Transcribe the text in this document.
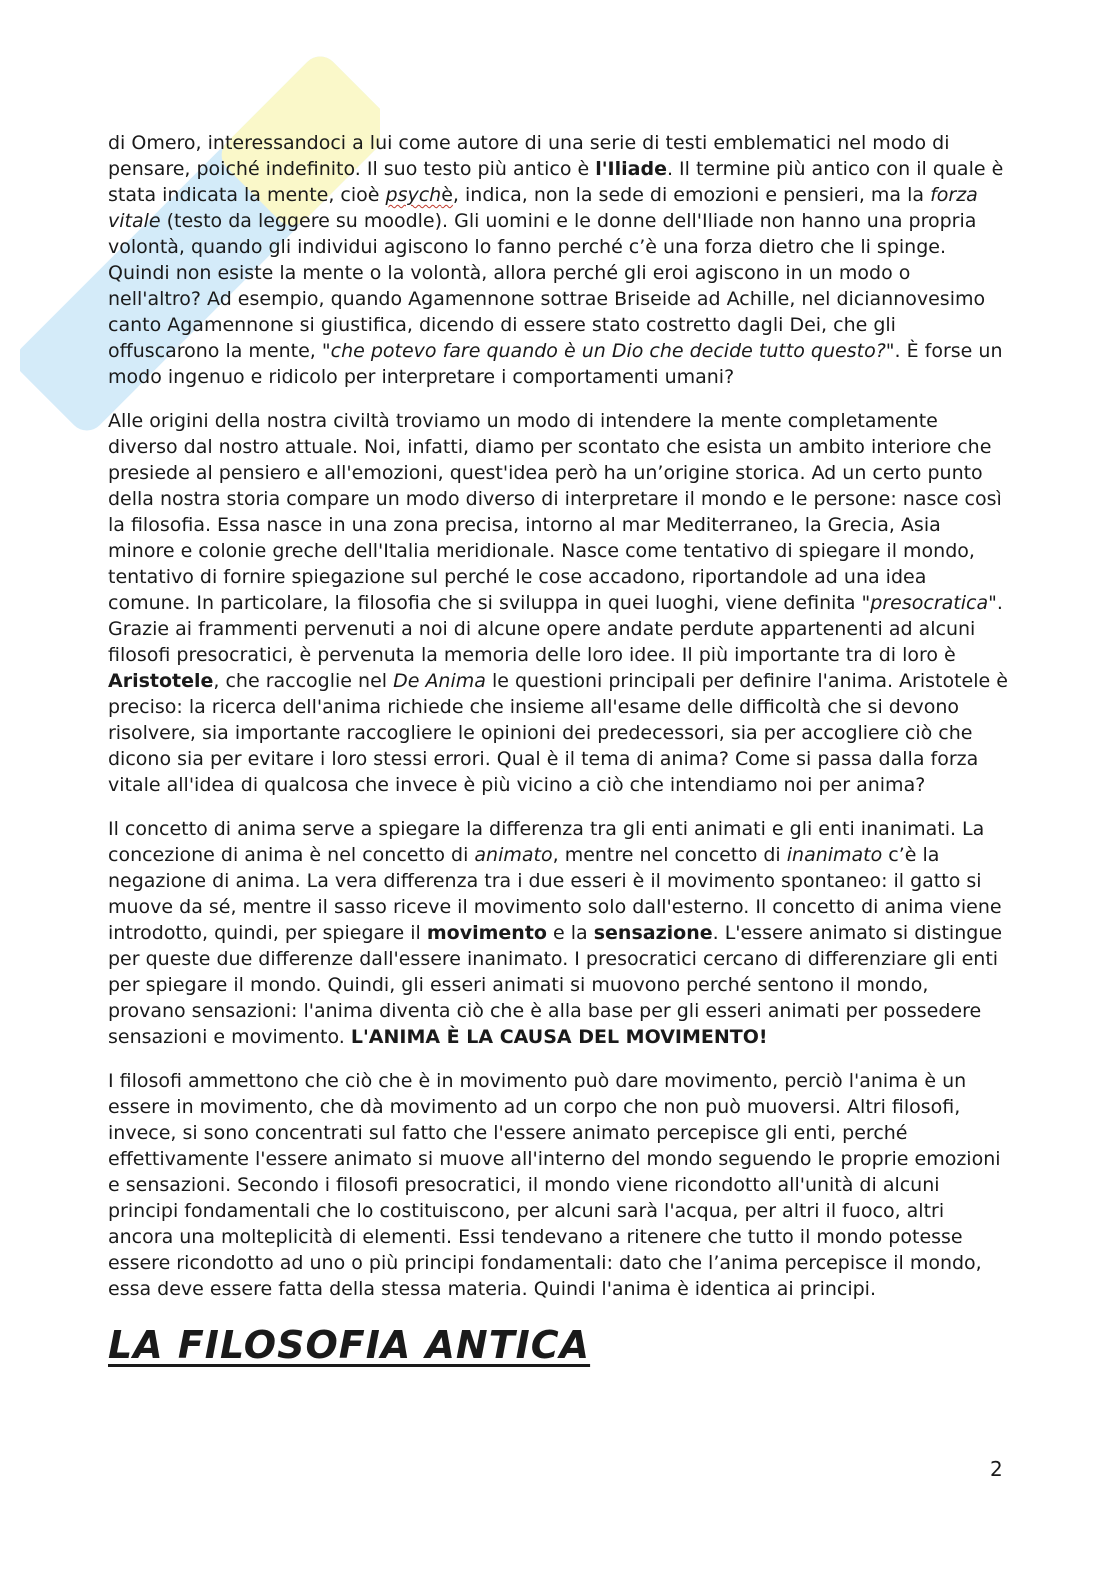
di Omero, interessandoci a lui come autore di una serie di testi emblematici nel modo di pensare, poiché indefinito. Il suo testo più antico è l'Iliade. Il termine più antico con il quale è stata indicata la mente, cioè psychè, indica, non la sede di emozioni e pensieri, ma la forza vitale (testo da leggere su moodle). Gli uomini e le donne dell'Iliade non hanno una propria volontà, quando gli individui agiscono lo fanno perché c’è una forza dietro che li spinge. Quindi non esiste la mente o la volontà, allora perché gli eroi agiscono in un modo o nell'altro? Ad esempio, quando Agamennone sottrae Briseide ad Achille, nel diciannovesimo canto Agamennone si giustifica, dicendo di essere stato costretto dagli Dei, che gli offuscarono la mente, "che potevo fare quando è un Dio che decide tutto questo?". È forse un modo ingenuo e ridicolo per interpretare i comportamenti umani?

Alle origini della nostra civiltà troviamo un modo di intendere la mente completamente diverso dal nostro attuale. Noi, infatti, diamo per scontato che esista un ambito interiore che presiede al pensiero e all'emozioni, quest'idea però ha un’origine storica. Ad un certo punto della nostra storia compare un modo diverso di interpretare il mondo e le persone: nasce così la filosofia. Essa nasce in una zona precisa, intorno al mar Mediterraneo, la Grecia, Asia minore e colonie greche dell'Italia meridionale. Nasce come tentativo di spiegare il mondo, tentativo di fornire spiegazione sul perché le cose accadono, riportandole ad una idea comune. In particolare, la filosofia che si sviluppa in quei luoghi, viene definita "presocratica". Grazie ai frammenti pervenuti a noi di alcune opere andate perdute appartenenti ad alcuni filosofi presocratici, è pervenuta la memoria delle loro idee. Il più importante tra di loro è Aristotele, che raccoglie nel De Anima le questioni principali per definire l'anima. Aristotele è preciso: la ricerca dell'anima richiede che insieme all'esame delle difficoltà che si devono risolvere, sia importante raccogliere le opinioni dei predecessori, sia per accogliere ciò che dicono sia per evitare i loro stessi errori. Qual è il tema di anima? Come si passa dalla forza vitale all'idea di qualcosa che invece è più vicino a ciò che intendiamo noi per anima?

Il concetto di anima serve a spiegare la differenza tra gli enti animati e gli enti inanimati. La concezione di anima è nel concetto di animato, mentre nel concetto di inanimato c’è la negazione di anima. La vera differenza tra i due esseri è il movimento spontaneo: il gatto si muove da sé, mentre il sasso riceve il movimento solo dall'esterno. Il concetto di anima viene introdotto, quindi, per spiegare il movimento e la sensazione. L'essere animato si distingue per queste due differenze dall'essere inanimato. I presocratici cercano di differenziare gli enti per spiegare il mondo. Quindi, gli esseri animati si muovono perché sentono il mondo, provano sensazioni: l'anima diventa ciò che è alla base per gli esseri animati per possedere sensazioni e movimento. L'ANIMA È LA CAUSA DEL MOVIMENTO!

I filosofi ammettono che ciò che è in movimento può dare movimento, perciò l'anima è un essere in movimento, che dà movimento ad un corpo che non può muoversi. Altri filosofi, invece, si sono concentrati sul fatto che l'essere animato percepisce gli enti, perché effettivamente l'essere animato si muove all'interno del mondo seguendo le proprie emozioni e sensazioni. Secondo i filosofi presocratici, il mondo viene ricondotto all'unità di alcuni principi fondamentali che lo costituiscono, per alcuni sarà l'acqua, per altri il fuoco, altri ancora una molteplicità di elementi. Essi tendevano a ritenere che tutto il mondo potesse essere ricondotto ad uno o più principi fondamentali: dato che l’anima percepisce il mondo, essa deve essere fatta della stessa materia. Quindi l'anima è identica ai principi.

LA FILOSOFIA ANTICA
2
